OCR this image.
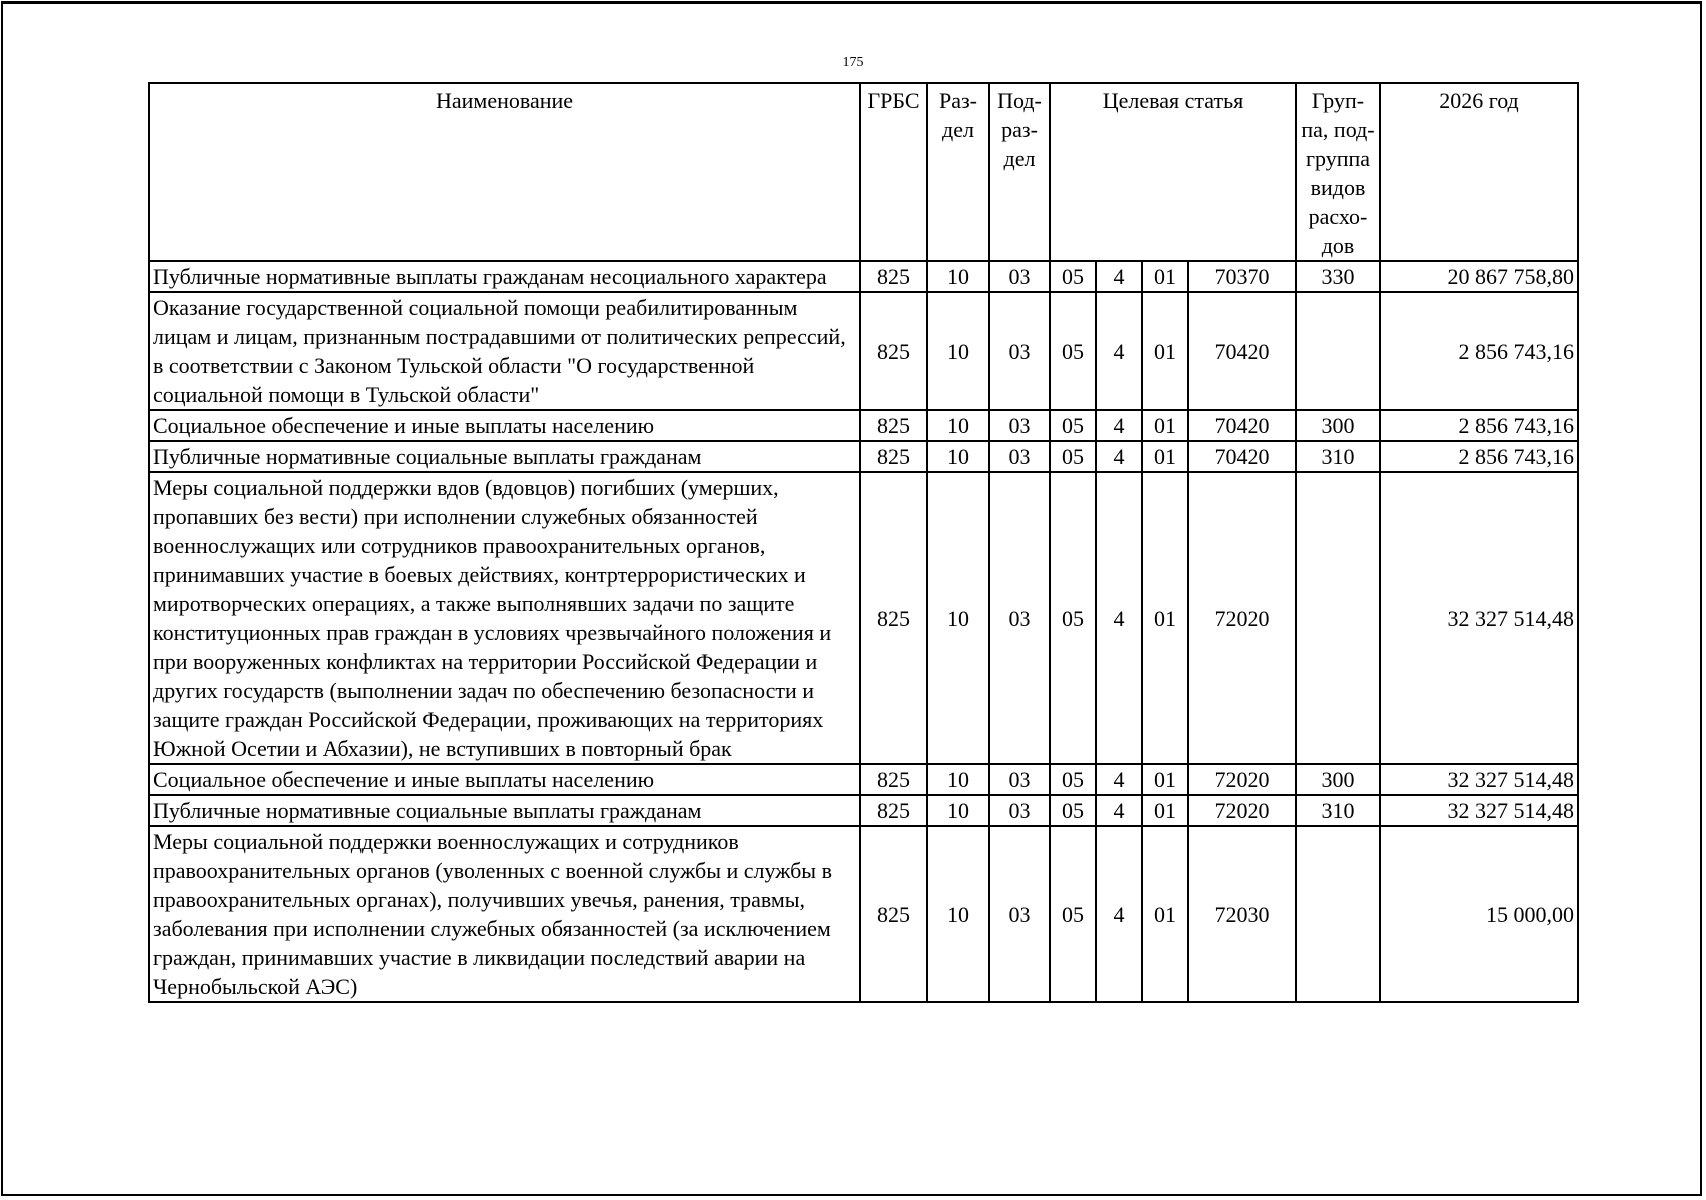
175
Наименование	ГРБС	Раз-дел	Под-раз-дел	Целевая статья				Груп-па, под-группа видов расхо-дов	2026 год
Публичные нормативные выплаты гражданам несоциального характера	825	10	03	05	4	01	70370	330	20 867 758,80
Оказание государственной социальной помощи реабилитированным лицам и лицам, признанным пострадавшими от политических репрессий, в соответствии с Законом Тульской области "О государственной социальной помощи в Тульской области"	825	10	03	05	4	01	70420		2 856 743,16
Социальное обеспечение и иные выплаты населению	825	10	03	05	4	01	70420	300	2 856 743,16
Публичные нормативные социальные выплаты гражданам	825	10	03	05	4	01	70420	310	2 856 743,16
Меры социальной поддержки вдов (вдовцов) погибших (умерших, пропавших без вести) при исполнении служебных обязанностей военнослужащих или сотрудников правоохранительных органов, принимавших участие в боевых действиях, контртеррористических и миротворческих операциях, а также выполнявших задачи по защите конституционных прав граждан в условиях чрезвычайного положения и при вооруженных конфликтах на территории Российской Федерации и других государств (выполнении задач по обеспечению безопасности и защите граждан Российской Федерации, проживающих на территориях Южной Осетии и Абхазии), не вступивших в повторный брак	825	10	03	05	4	01	72020		32 327 514,48
Социальное обеспечение и иные выплаты населению	825	10	03	05	4	01	72020	300	32 327 514,48
Публичные нормативные социальные выплаты гражданам	825	10	03	05	4	01	72020	310	32 327 514,48
Меры социальной поддержки военнослужащих и сотрудников правоохранительных органов (уволенных с военной службы и службы в правоохранительных органах), получивших увечья, ранения, травмы, заболевания при исполнении служебных обязанностей (за исключением граждан, принимавших участие в ликвидации последствий аварии на Чернобыльской АЭС)	825	10	03	05	4	01	72030		15 000,00
